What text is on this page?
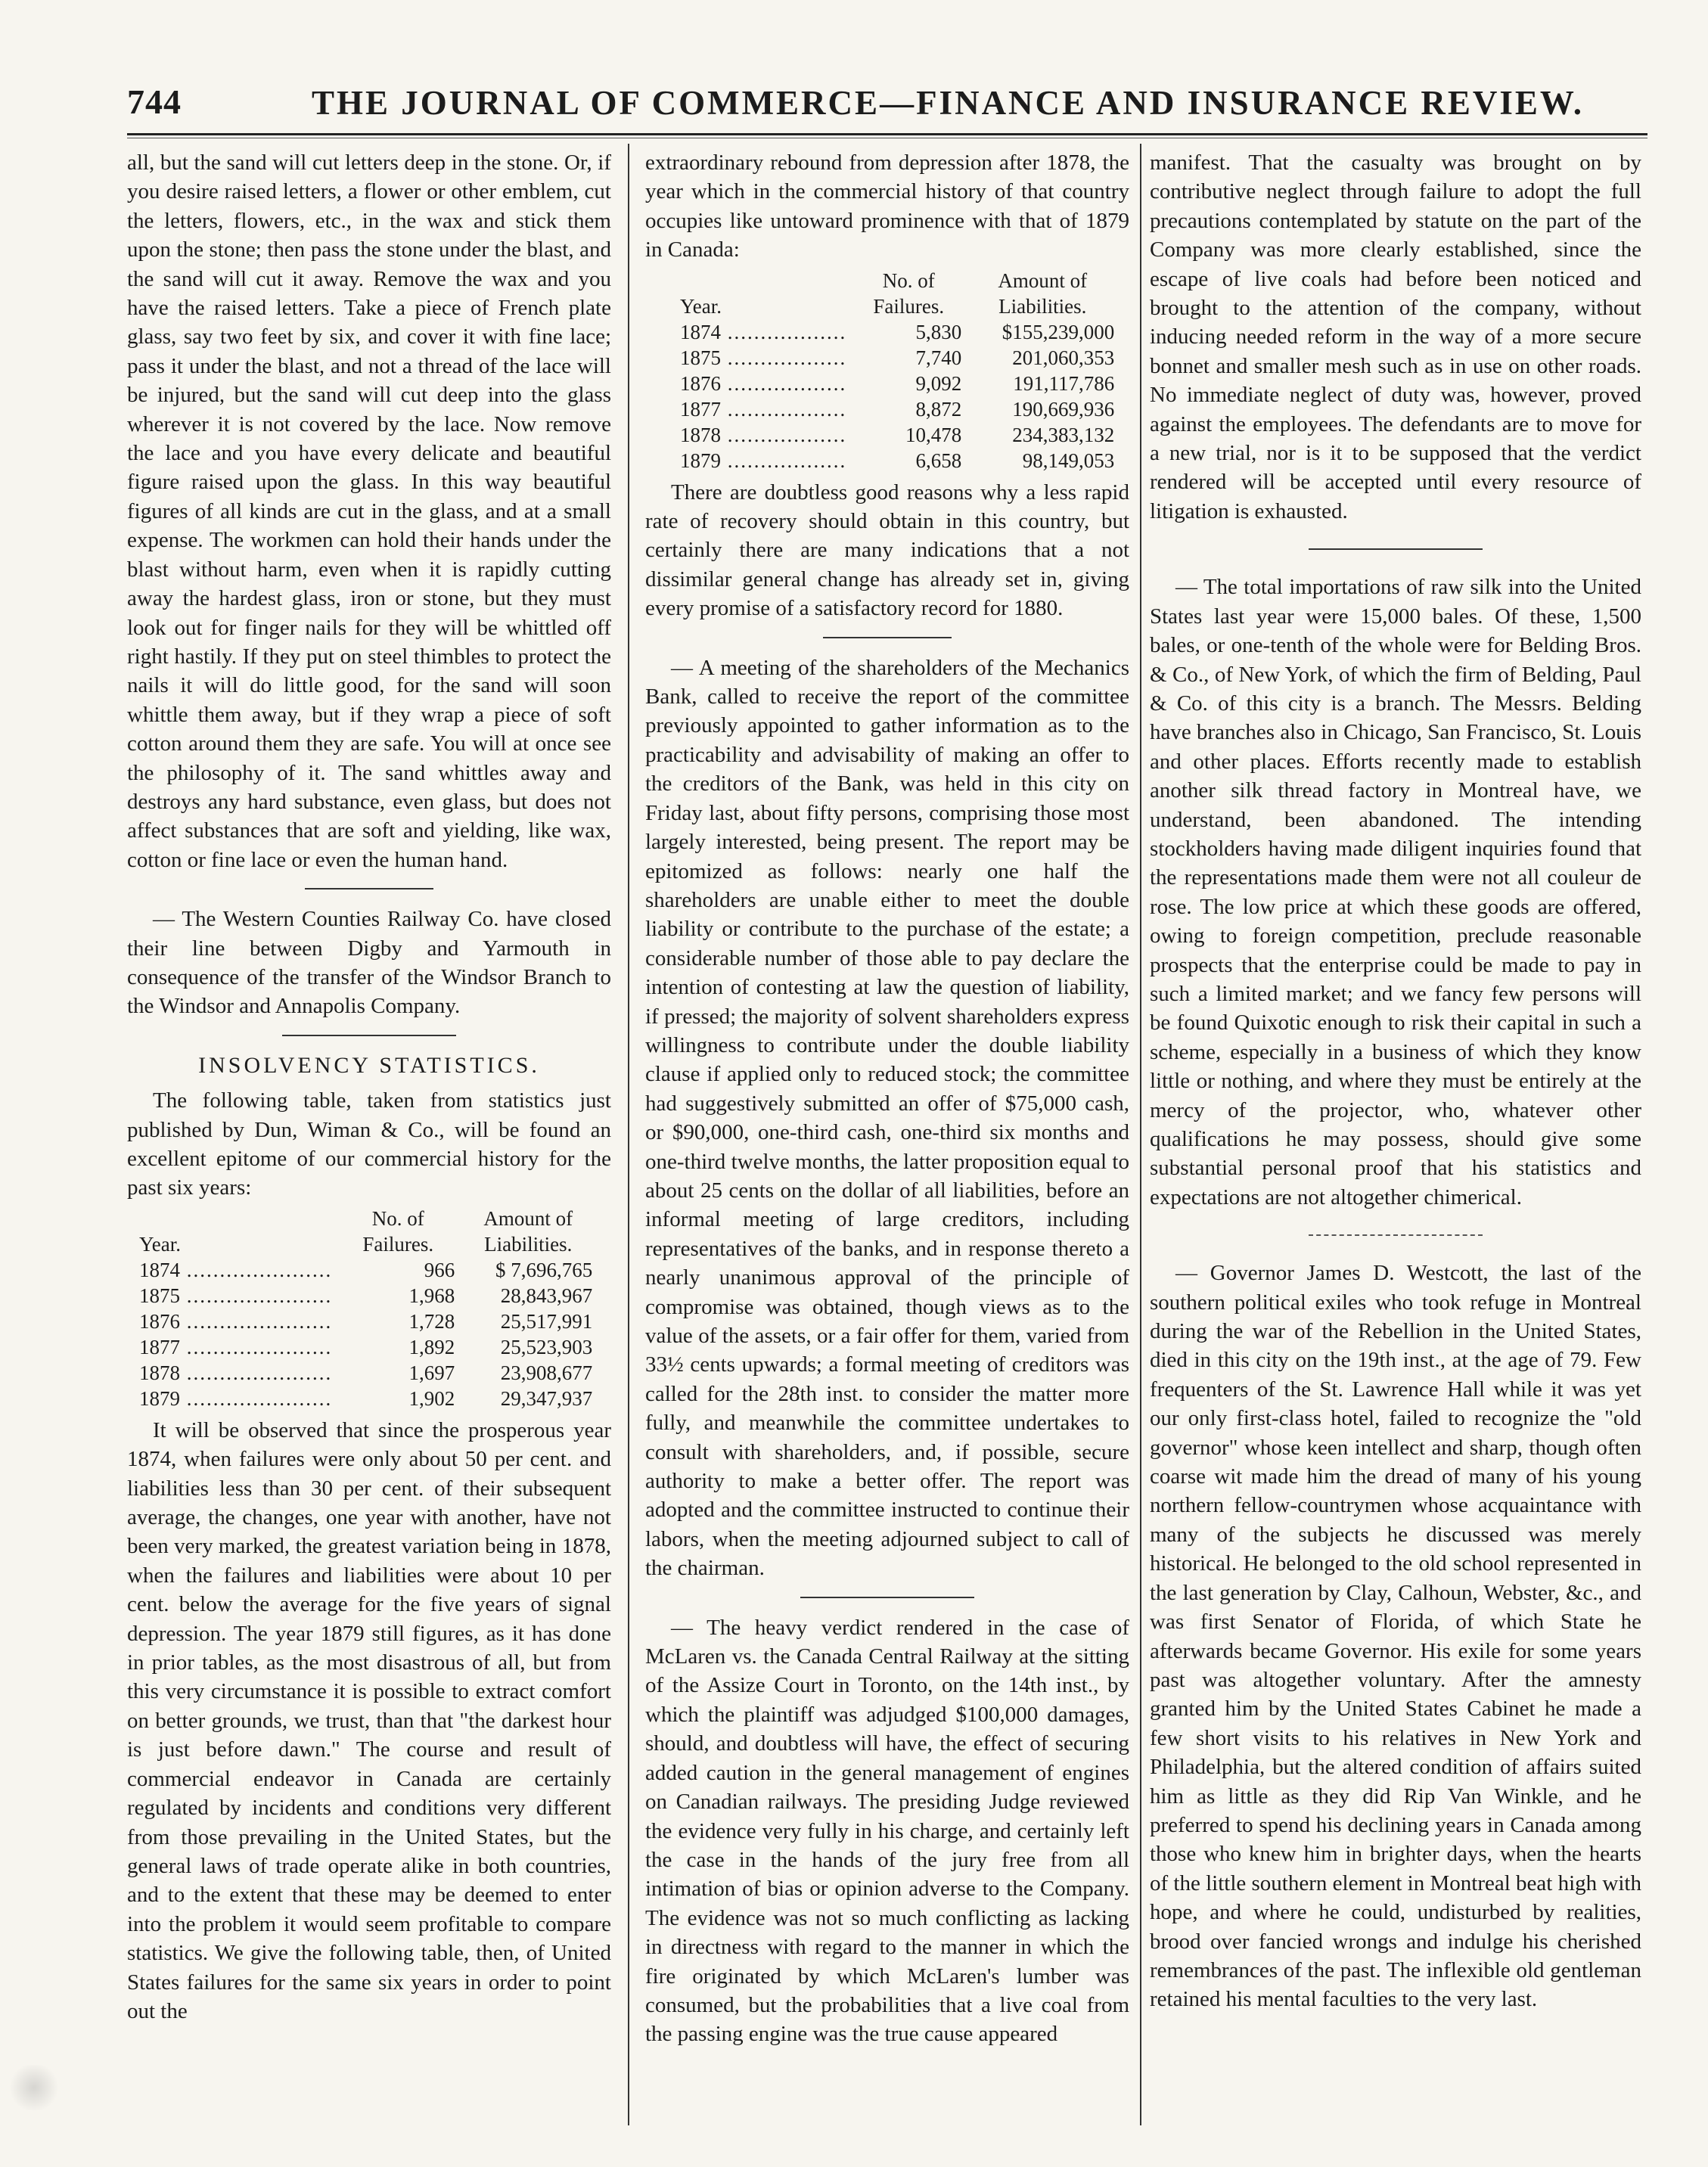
744	THE JOURNAL OF COMMERCE—FINANCE AND INSURANCE REVIEW.

all, but the sand will cut letters deep in the stone. Or, if you desire raised letters, a flower or other emblem, cut the letters, flowers, etc., in the wax and stick them upon the stone; then pass the stone under the blast, and the sand will cut it away. Remove the wax and you have the raised letters. Take a piece of French plate glass, say two feet by six, and cover it with fine lace; pass it under the blast, and not a thread of the lace will be injured, but the sand will cut deep into the glass wherever it is not covered by the lace. Now remove the lace and you have every delicate and beautiful figure raised upon the glass. In this way beautiful figures of all kinds are cut in the glass, and at a small expense. The workmen can hold their hands under the blast without harm, even when it is rapidly cutting away the hardest glass, iron or stone, but they must look out for finger nails for they will be whittled off right hastily. If they put on steel thimbles to protect the nails it will do little good, for the sand will soon whittle them away, but if they wrap a piece of soft cotton around them they are safe. You will at once see the philosophy of it. The sand whittles away and destroys any hard substance, even glass, but does not affect substances that are soft and yielding, like wax, cotton or fine lace or even the human hand.

— The Western Counties Railway Co. have closed their line between Digby and Yarmouth in consequence of the transfer of the Windsor Branch to the Windsor and Annapolis Company.

INSOLVENCY STATISTICS.

The following table, taken from statistics just published by Dun, Wiman & Co., will be found an excellent epitome of our commercial history for the past six years:

Year.	No. of Failures.	Amount of Liabilities.
1874 ......................	966	$ 7,696,765
1875 ......................	1,968	28,843,967
1876 ......................	1,728	25,517,991
1877 ......................	1,892	25,523,903
1878 ......................	1,697	23,908,677
1879 ......................	1,902	29,347,937

It will be observed that since the prosperous year 1874, when failures were only about 50 per cent. and liabilities less than 30 per cent. of their subsequent average, the changes, one year with another, have not been very marked, the greatest variation being in 1878, when the failures and liabilities were about 10 per cent. below the average for the five years of signal depression. The year 1879 still figures, as it has done in prior tables, as the most disastrous of all, but from this very circumstance it is possible to extract comfort on better grounds, we trust, than that "the darkest hour is just before dawn." The course and result of commercial endeavor in Canada are certainly regulated by incidents and conditions very different from those prevailing in the United States, but the general laws of trade operate alike in both countries, and to the extent that these may be deemed to enter into the problem it would seem profitable to compare statistics. We give the following table, then, of United States failures for the same six years in order to point out the

extraordinary rebound from depression after 1878, the year which in the commercial history of that country occupies like untoward prominence with that of 1879 in Canada:

Year.	No. of Failures.	Amount of Liabilities.
1874 ..................	5,830	$155,239,000
1875 ..................	7,740	201,060,353
1876 ..................	9,092	191,117,786
1877 ..................	8,872	190,669,936
1878 ..................	10,478	234,383,132
1879 ..................	6,658	98,149,053

There are doubtless good reasons why a less rapid rate of recovery should obtain in this country, but certainly there are many indications that a not dissimilar general change has already set in, giving every promise of a satisfactory record for 1880.

— A meeting of the shareholders of the Mechanics Bank, called to receive the report of the committee previously appointed to gather information as to the practicability and advisability of making an offer to the creditors of the Bank, was held in this city on Friday last, about fifty persons, comprising those most largely interested, being present. The report may be epitomized as follows: nearly one half the shareholders are unable either to meet the double liability or contribute to the purchase of the estate; a considerable number of those able to pay declare the intention of contesting at law the question of liability, if pressed; the majority of solvent shareholders express willingness to contribute under the double liability clause if applied only to reduced stock; the committee had suggestively submitted an offer of $75,000 cash, or $90,000, one-third cash, one-third six months and one-third twelve months, the latter proposition equal to about 25 cents on the dollar of all liabilities, before an informal meeting of large creditors, including representatives of the banks, and in response thereto a nearly unanimous approval of the principle of compromise was obtained, though views as to the value of the assets, or a fair offer for them, varied from 33½ cents upwards; a formal meeting of creditors was called for the 28th inst. to consider the matter more fully, and meanwhile the committee undertakes to consult with shareholders, and, if possible, secure authority to make a better offer. The report was adopted and the committee instructed to continue their labors, when the meeting adjourned subject to call of the chairman.

— The heavy verdict rendered in the case of McLaren vs. the Canada Central Railway at the sitting of the Assize Court in Toronto, on the 14th inst., by which the plaintiff was adjudged $100,000 damages, should, and doubtless will have, the effect of securing added caution in the general management of engines on Canadian railways. The presiding Judge reviewed the evidence very fully in his charge, and certainly left the case in the hands of the jury free from all intimation of bias or opinion adverse to the Company. The evidence was not so much conflicting as lacking in directness with regard to the manner in which the fire originated by which McLaren's lumber was consumed, but the probabilities that a live coal from the passing engine was the true cause appeared

manifest. That the casualty was brought on by contributive neglect through failure to adopt the full precautions contemplated by statute on the part of the Company was more clearly established, since the escape of live coals had before been noticed and brought to the attention of the company, without inducing needed reform in the way of a more secure bonnet and smaller mesh such as in use on other roads. No immediate neglect of duty was, however, proved against the employees. The defendants are to move for a new trial, nor is it to be supposed that the verdict rendered will be accepted until every resource of litigation is exhausted.

— The total importations of raw silk into the United States last year were 15,000 bales. Of these, 1,500 bales, or one-tenth of the whole were for Belding Bros. & Co., of New York, of which the firm of Belding, Paul & Co. of this city is a branch. The Messrs. Belding have branches also in Chicago, San Francisco, St. Louis and other places. Efforts recently made to establish another silk thread factory in Montreal have, we understand, been abandoned. The intending stockholders having made diligent inquiries found that the representations made them were not all couleur de rose. The low price at which these goods are offered, owing to foreign competition, preclude reasonable prospects that the enterprise could be made to pay in such a limited market; and we fancy few persons will be found Quixotic enough to risk their capital in such a scheme, especially in a business of which they know little or nothing, and where they must be entirely at the mercy of the projector, who, whatever other qualifications he may possess, should give some substantial personal proof that his statistics and expectations are not altogether chimerical.

— Governor James D. Westcott, the last of the southern political exiles who took refuge in Montreal during the war of the Rebellion in the United States, died in this city on the 19th inst., at the age of 79. Few frequenters of the St. Lawrence Hall while it was yet our only first-class hotel, failed to recognize the "old governor" whose keen intellect and sharp, though often coarse wit made him the dread of many of his young northern fellow-countrymen whose acquaintance with many of the subjects he discussed was merely historical. He belonged to the old school represented in the last generation by Clay, Calhoun, Webster, &c., and was first Senator of Florida, of which State he afterwards became Governor. His exile for some years past was altogether voluntary. After the amnesty granted him by the United States Cabinet he made a few short visits to his relatives in New York and Philadelphia, but the altered condition of affairs suited him as little as they did Rip Van Winkle, and he preferred to spend his declining years in Canada among those who knew him in brighter days, when the hearts of the little southern element in Montreal beat high with hope, and where he could, undisturbed by realities, brood over fancied wrongs and indulge his cherished remembrances of the past. The inflexible old gentleman retained his mental faculties to the very last.
